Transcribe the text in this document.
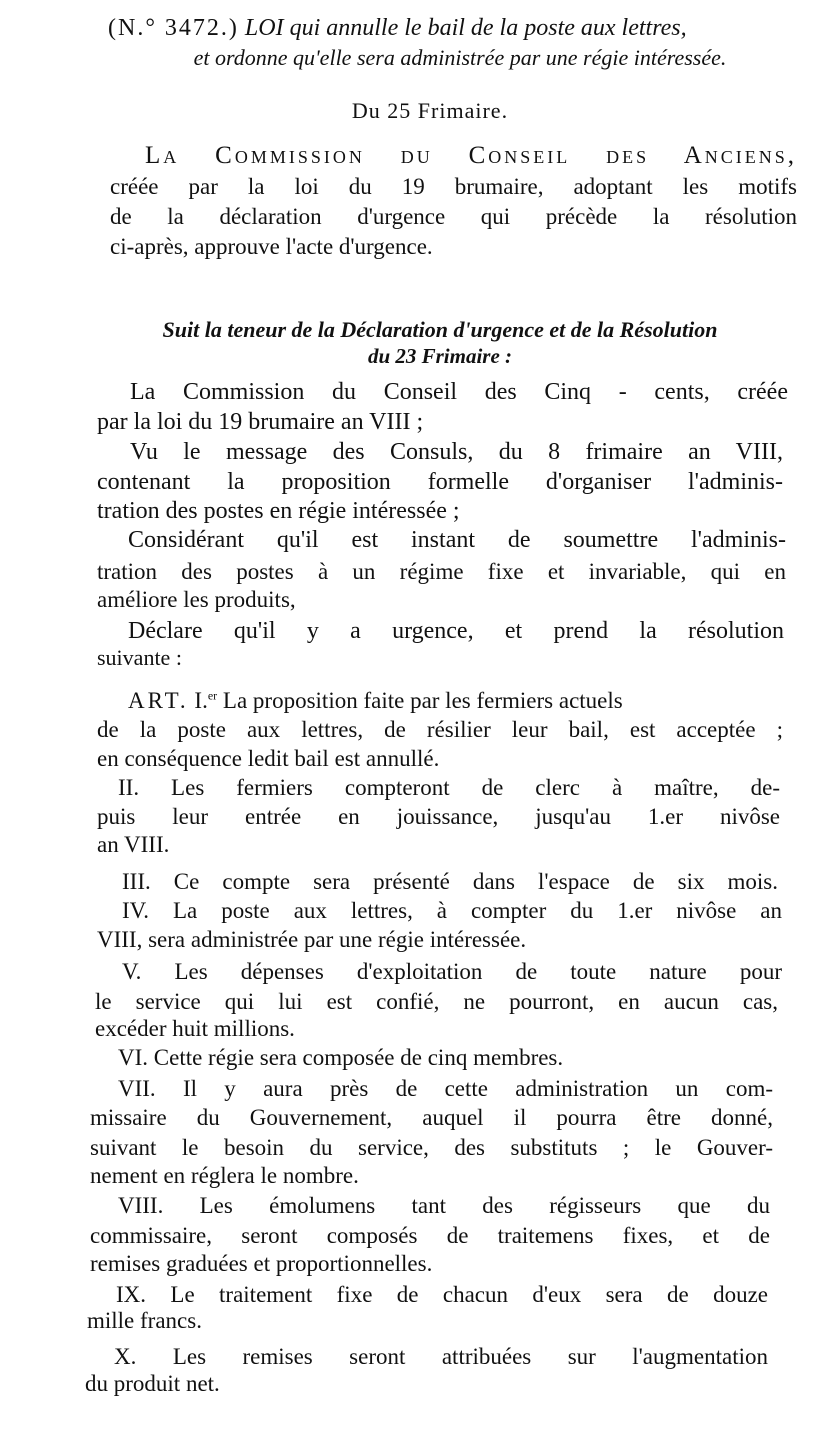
(N.° 3472.) LOI qui annulle le bail de la poste aux lettres,
et ordonne qu'elle sera administrée par une régie intéressée.
Du 25 Frimaire.
La Commission du Conseil des Anciens,
créée par la loi du 19 brumaire, adoptant les motifs
de la déclaration d'urgence qui précède la résolution
ci-après, approuve l'acte d'urgence.
Suit la teneur de la Déclaration d'urgence et de la Résolution
du 23 Frimaire :
La Commission du Conseil des Cinq - cents, créée
par la loi du 19 brumaire an VIII ;
Vu le message des Consuls, du 8 frimaire an VIII,
contenant la proposition formelle d'organiser l'adminis-
tration des postes en régie intéressée ;
Considérant qu'il est instant de soumettre l'adminis-
tration des postes à un régime fixe et invariable, qui en
améliore les produits,
Déclare qu'il y a urgence, et prend la résolution
suivante :
ART. I.$^{er}$ La proposition faite par les fermiers actuels
de la poste aux lettres, de résilier leur bail, est acceptée ;
en conséquence ledit bail est annullé.
II. Les fermiers compteront de clerc à maître, de-
puis leur entrée en jouissance, jusqu'au 1.er nivôse
an VIII.
III. Ce compte sera présenté dans l'espace de six mois.
IV. La poste aux lettres, à compter du 1.er nivôse an
VIII, sera administrée par une régie intéressée.
V. Les dépenses d'exploitation de toute nature pour
le service qui lui est confié, ne pourront, en aucun cas,
excéder huit millions.
VI. Cette régie sera composée de cinq membres.
VII. Il y aura près de cette administration un com-
missaire du Gouvernement, auquel il pourra être donné,
suivant le besoin du service, des substituts ; le Gouver-
nement en réglera le nombre.
VIII. Les émolumens tant des régisseurs que du
commissaire, seront composés de traitemens fixes, et de
remises graduées et proportionnelles.
IX. Le traitement fixe de chacun d'eux sera de douze
mille francs.
X. Les remises seront attribuées sur l'augmentation
du produit net.
